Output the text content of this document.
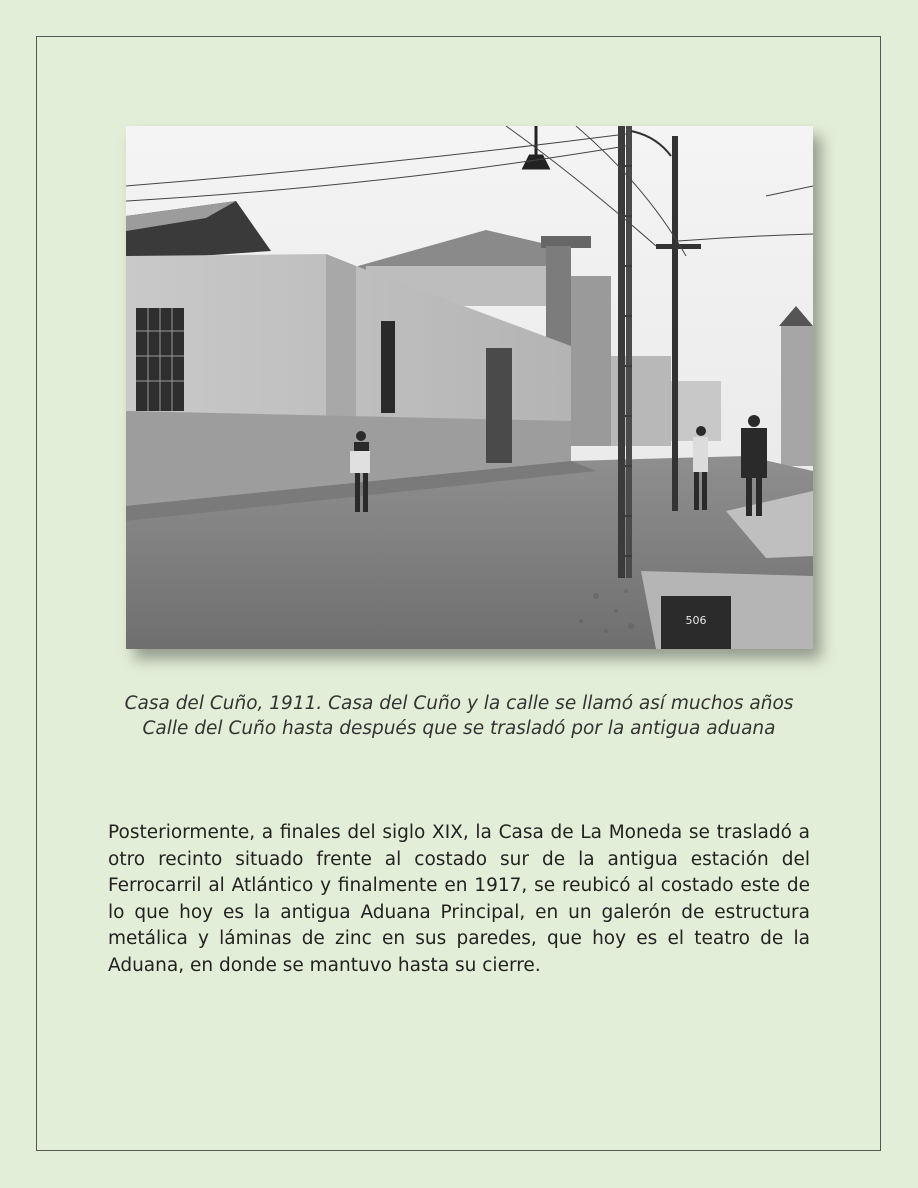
506
Casa del Cuño, 1911. Casa del Cuño y la calle se llamó así muchos años Calle del Cuño hasta después que se trasladó por la antigua aduana
Posteriormente, a finales del siglo XIX, la Casa de La Moneda se trasladó a otro recinto situado frente al costado sur de la antigua estación del Ferrocarril al Atlántico y finalmente en 1917, se reubicó al costado este de lo que hoy es la antigua Aduana Principal, en un galerón de estructura metálica y láminas de zinc en sus paredes, que hoy es el teatro de la Aduana, en donde se mantuvo hasta su cierre.
